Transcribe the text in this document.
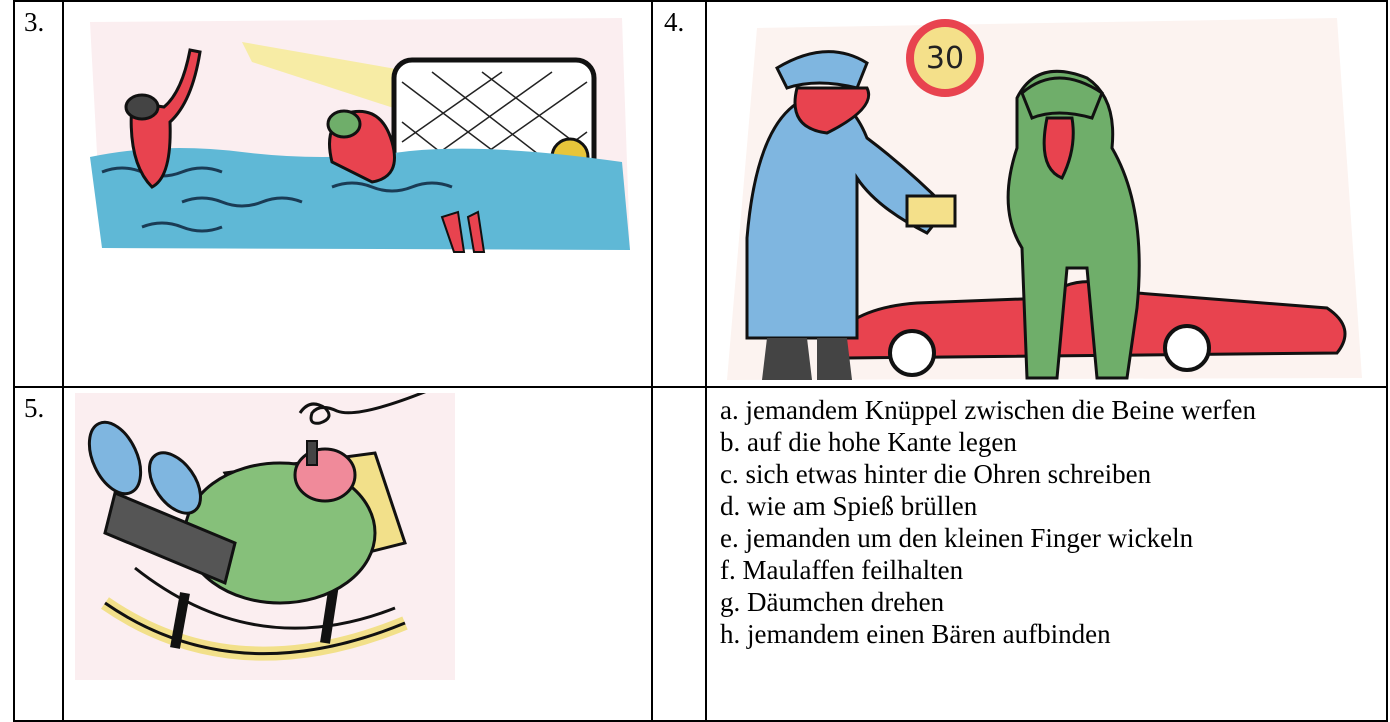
3.	4.
5.
30
a. jemandem Knüppel zwischen die Beine werfen
b. auf die hohe Kante legen
c. sich etwas hinter die Ohren schreiben
d. wie am Spieß brüllen
e. jemanden um den kleinen Finger wickeln
f. Maulaffen feilhalten
g. Däumchen drehen
h. jemandem einen Bären aufbinden
